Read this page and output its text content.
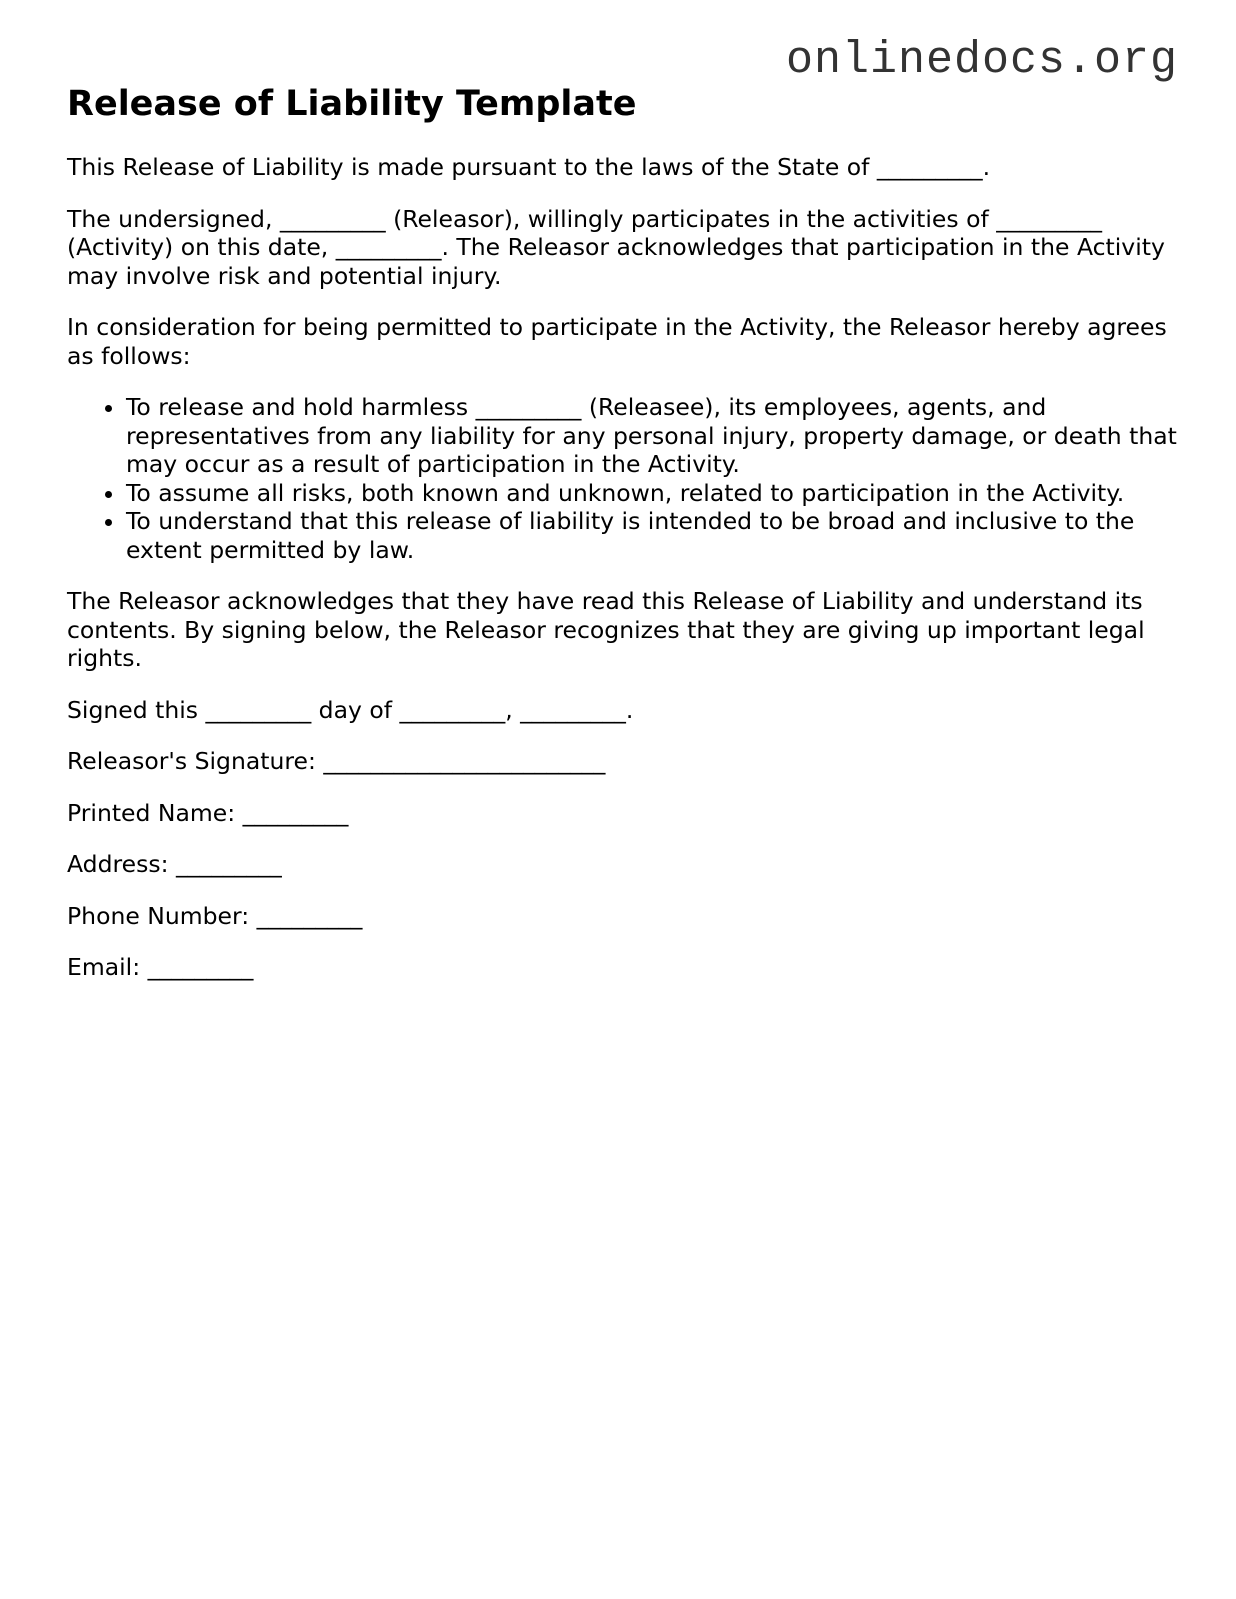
onlinedocs.org
Release of Liability Template

This Release of Liability is made pursuant to the laws of the State of _________.

The undersigned, _________ (Releasor), willingly participates in the activities of _________ (Activity) on this date, _________. The Releasor acknowledges that participation in the Activity may involve risk and potential injury.

In consideration for being permitted to participate in the Activity, the Releasor hereby agrees as follows:

• To release and hold harmless _________ (Releasee), its employees, agents, and representatives from any liability for any personal injury, property damage, or death that may occur as a result of participation in the Activity.
• To assume all risks, both known and unknown, related to participation in the Activity.
• To understand that this release of liability is intended to be broad and inclusive to the extent permitted by law.

The Releasor acknowledges that they have read this Release of Liability and understand its contents. By signing below, the Releasor recognizes that they are giving up important legal rights.

Signed this _________ day of _________, _________.

Releasor's Signature: ________________________

Printed Name: _________

Address: _________

Phone Number: _________

Email: _________
